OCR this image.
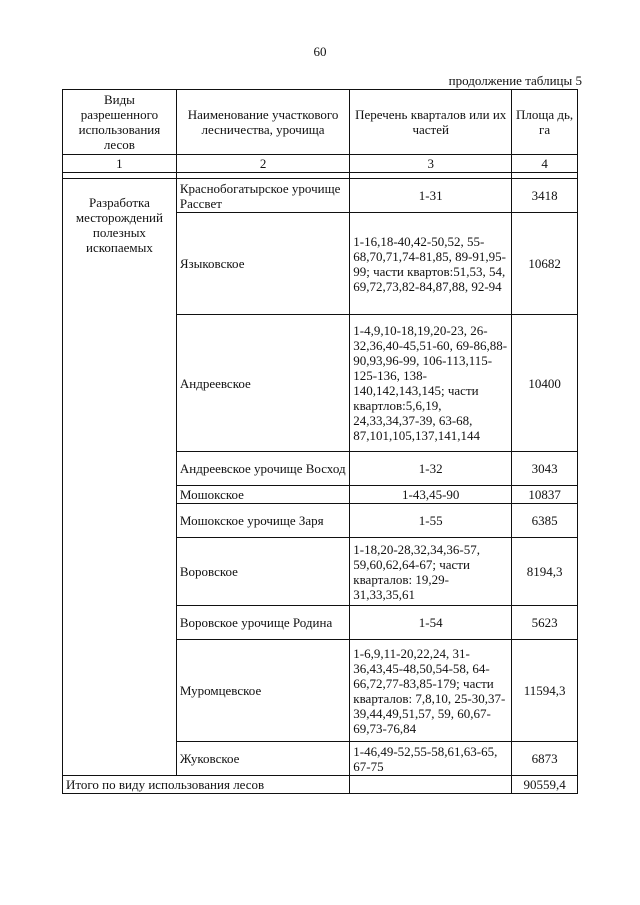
60
продолжение таблицы 5
Виды разрешенного использования лесов	Наименование участкового лесничества, урочища	Перечень кварталов или их частей	Площа дь, га
1	2	3	4

Разработка месторождений полезных ископаемых	Краснобогатырское урочище Рассвет	1-31	3418
	Языковское	1-16,18-40,42-50,52, 55-68,70,71,74-81,85, 89-91,95-99; части квартов:51,53, 54, 69,72,73,82-84,87,88, 92-94	10682
	Андреевское	1-4,9,10-18,19,20-23, 26-32,36,40-45,51-60, 69-86,88-90,93,96-99, 106-113,115-125-136, 138-140,142,143,145; части квартлов:5,6,19, 24,33,34,37-39, 63-68, 87,101,105,137,141,144	10400
	Андреевское урочище Восход	1-32	3043
	Мошокское	1-43,45-90	10837
	Мошокское урочище Заря	1-55	6385
	Воровское	1-18,20-28,32,34,36-57, 59,60,62,64-67; части кварталов: 19,29-31,33,35,61	8194,3
	Воровское урочище Родина	1-54	5623
	Муромцевское	1-6,9,11-20,22,24, 31-36,43,45-48,50,54-58, 64-66,72,77-83,85-179; части кварталов: 7,8,10, 25-30,37-39,44,49,51,57, 59, 60,67-69,73-76,84	11594,3
	Жуковское	1-46,49-52,55-58,61,63-65, 67-75	6873
Итого по виду использования лесов			90559,4
